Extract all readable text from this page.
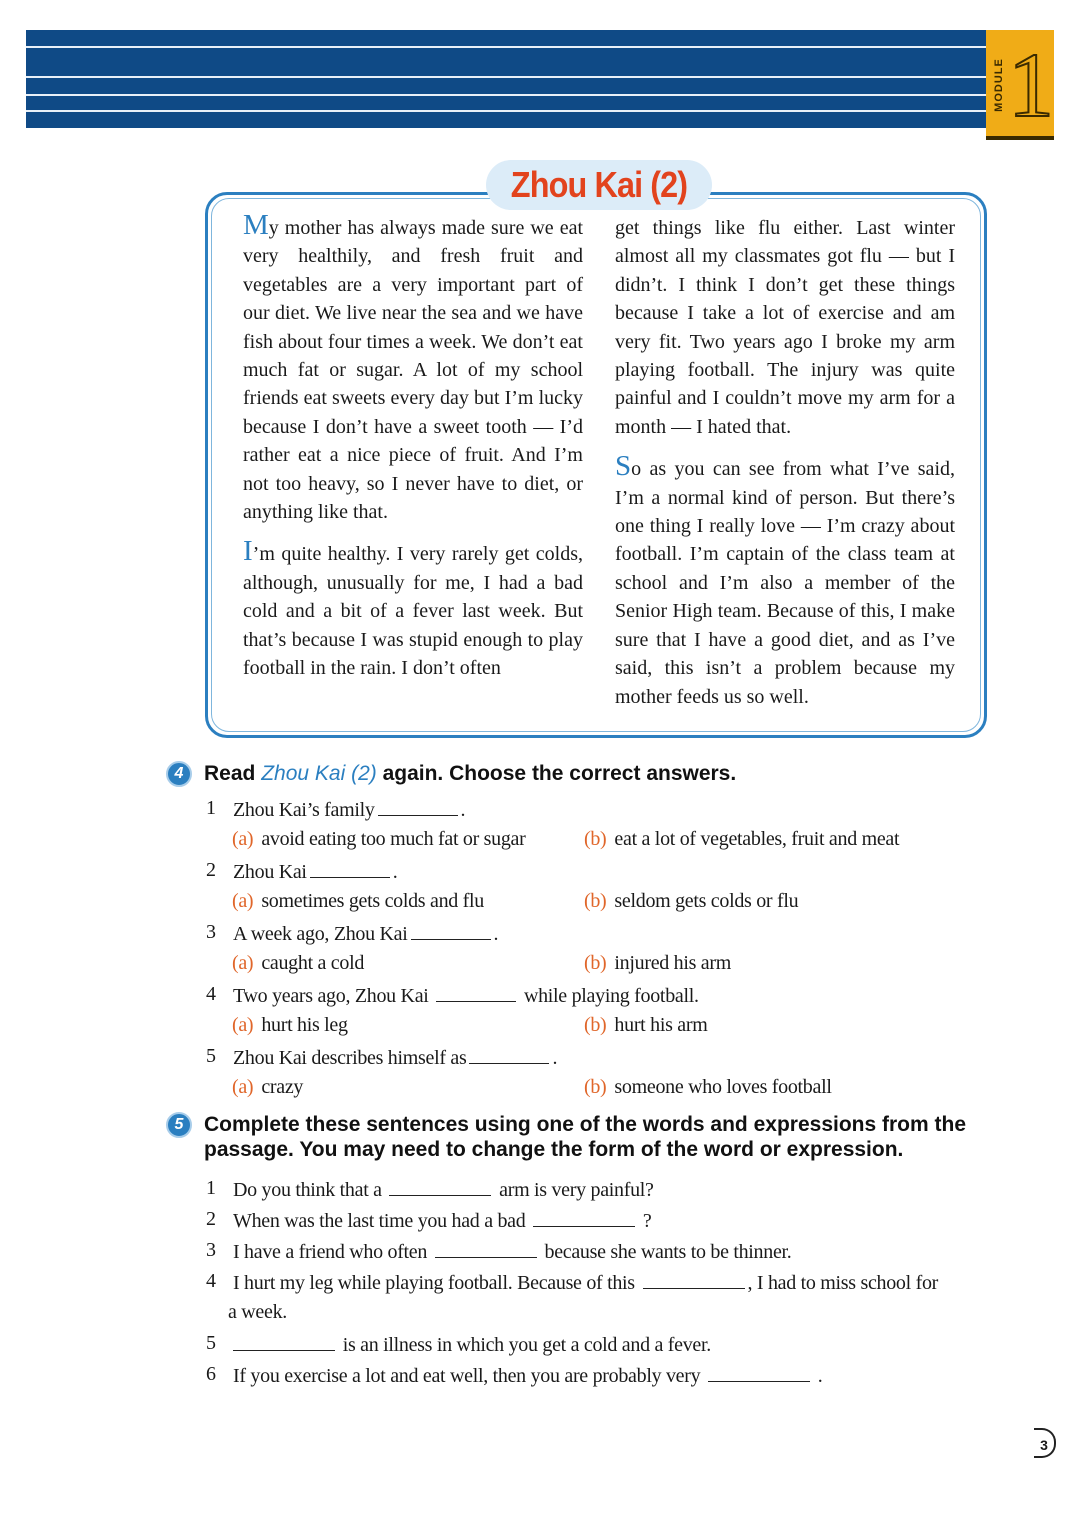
MODULE 1
Zhou Kai (2)

My mother has always made sure we eat very healthily, and fresh fruit and vegetables are a very important part of our diet. We live near the sea and we have fish about four times a week. We don’t eat much fat or sugar. A lot of my school friends eat sweets every day but I’m lucky because I don’t have a sweet tooth — I’d rather eat a nice piece of fruit. And I’m not too heavy, so I never have to diet, or anything like that.

I’m quite healthy. I very rarely get colds, although, unusually for me, I had a bad cold and a bit of a fever last week. But that’s because I was stupid enough to play football in the rain. I don’t often

get things like flu either. Last winter almost all my classmates got flu — but I didn’t. I think I don’t get these things because I take a lot of exercise and am very fit. Two years ago I broke my arm playing football. The injury was quite painful and I couldn’t move my arm for a month — I hated that.

So as you can see from what I’ve said, I’m a normal kind of person. But there’s one thing I really love — I’m crazy about football. I’m captain of the class team at school and I’m also a member of the Senior High team. Because of this, I make sure that I have a good diet, and as I’ve said, this isn’t a problem because my mother feeds us so well.

4 Read Zhou Kai (2) again. Choose the correct answers.
1 Zhou Kai’s family	.
(a) avoid eating too much fat or sugar	(b) eat a lot of vegetables, fruit and meat
2 Zhou Kai	.
(a) sometimes gets colds and flu	(b) seldom gets colds or flu
3 A week ago, Zhou Kai	.
(a) caught a cold	(b) injured his arm
4 Two years ago, Zhou Kai	while playing football.
(a) hurt his leg	(b) hurt his arm
5 Zhou Kai describes himself as	.
(a) crazy	(b) someone who loves football
5 Complete these sentences using one of the words and expressions from the
passage. You may need to change the form of the word or expression.
1 Do you think that a	arm is very painful?
2 When was the last time you had a bad	?
3 I have a friend who often	because she wants to be thinner.
4 I hurt my leg while playing football. Because of this	, I had to miss school for
a week.
5	is an illness in which you get a cold and a fever.
6 If you exercise a lot and eat well, then you are probably very	.
3
